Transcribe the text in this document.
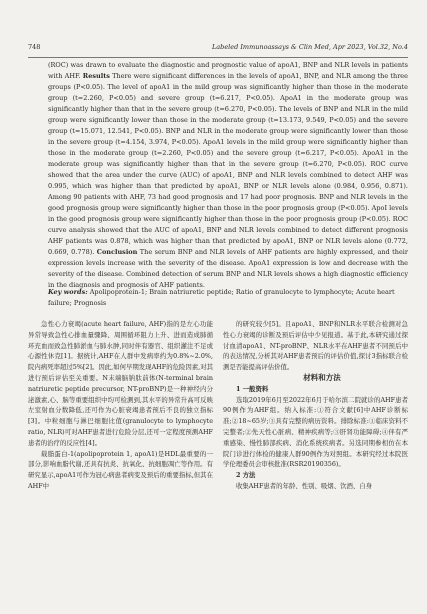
748	Labeled Immunoassays & Clin Med, Apr 2023, Vol.32, No.4
(ROC) was drawn to evaluate the diagnostic and prognostic value of apoA1, BNP and NLR levels in patients with AHF. Results There were significant differences in the levels of apoA1, BNP, and NLR among the three groups (P<0.05). The level of apoA1 in the mild group was significantly higher than those in the moderate group (t=2.260, P<0.05) and severe group (t=6.217, P<0.05). ApoA1 in the moderate group was significantly higher than that in the severe group (t=6.270, P<0.05). The levels of BNP and NLR in the mild group were significantly lower than those in the moderate group (t=13.173, 9.549, P<0.05) and the severe group (t=15.071, 12.541, P<0.05). BNP and NLR in the moderate group were significantly lower than those in the severe group (t=4.154, 3.974, P<0.05). ApoA1 levels in the mild group were significantly higher than those in the moderate group (t=2.260, P<0.05) and the severe group (t=6.217, P<0.05). ApoA1 in the moderate group was significantly higher than that in the severe group (t=6.270, P<0.05). ROC curve showed that the area under the curve (AUC) of apoA1, BNP and NLR levels combined to detect AHF was 0.995, which was higher than that predicted by apoA1, BNP or NLR levels alone (0.984, 0.956, 0.871). Among 90 patients with AHF, 73 had good prognosis and 17 had poor prognosis. BNP and NLR levels in the good prognosis group were significantly higher than those in the poor prognosis group (P<0.05). ApoI levels in the good prognosis group were significantly higher than those in the poor prognosis group (P<0.05). ROC curve analysis showed that the AUC of apoA1, BNP and NLR levels combined to detect different prognosis AHF patients was 0.878, which was higher than that predicted by apoA1, BNP or NLR levels alone (0.772, 0.669, 0.778). Conclusion The serum BNP and NLR levels of AHF patients are highly expressed, and their expression levels increase with the severity of the disease. ApoA1 expression is low and decrease with the severity of the disease. Combined detection of serum BNP and NLR levels shows a high diagnostic efficiency in the diagnosis and prognosis of AHF patients.
Key words: Apolipoprotein-1; Brain natriuretic peptide; Ratio of granulocyte to lymphocyte; Acute heart failure; Prognosis

急性心力衰竭(acute heart failure, AHF)指的是左心功能异常导致急性心排血量骤降、周围循环阻力上升、进而造成肺循环充血而致急性肺淤血与肺水肿,同时伴有器官、组织灌注不足或心源性休克[1]。据统计,AHF在人群中发病率约为0.8%~2.0%,院内病死率超过5%[2]。因此,如何早期发现AHF的危险因素,对其进行预后评估至关重要。N末端脑钠肽前体(N-terminal brain natriuretic peptide precursor, NT-proBNP)是一种神经内分泌激素,心、脑等重要组织中均可检测到,其水平的异常升高可反映左室射血分数降低,还可作为心脏衰竭患者预后不良的独立指标[3]。中粒细胞与淋巴细胞比值(granulocyte to lymphocyte ratio, NLR)可对AHF患者进行危险分层,还可一定程度预测AHF患者的治疗的反应性[4]。

载脂蛋白-1(apolipoprotein 1, apoA1)是HDL最重要的一部分,影响血脂代谢,还具有抗炎、抗氧化、抗细胞凋亡等作用。有研究显示,apoA1可作为冠心病患者病变及预后的重要指标,但其在AHF中

的研究较少[5]。且apoA1、BNP和NLR水平联合检测对急性心力衰竭的诊断及预后评估中少见报道。基于此,本研究通过探讨血清apoA1、NT-proBNP、NLR水平在AHF患者不同预后中的表达情况,分析其对AHF患者预后的评估价值,探讨3指标联合检测是否能提高评估价值。

材料和方法

1 一般资料

选取2019年6月至2022年6月于哈尔滨二院就诊的AHF患者90例作为AHF组。纳入标准:①符合文献[6]中AHF诊断标准;②18~65岁;③具有完整的病历资料。排除标准:①临床资料不完整者;②先天性心脏病、精神疾病等;③肝肾功能障碍;④伴有严重感染、慢性肺部疾病、消化系统疾病者。另选同期参相仿在本院门诊进行体检的健康人群90例作为对照组。本研究经过本院医学伦理委员会审核批准(RSR20190356)。

2 方法

收集AHF患者的年龄、性别、吸烟、饮酒、自身
